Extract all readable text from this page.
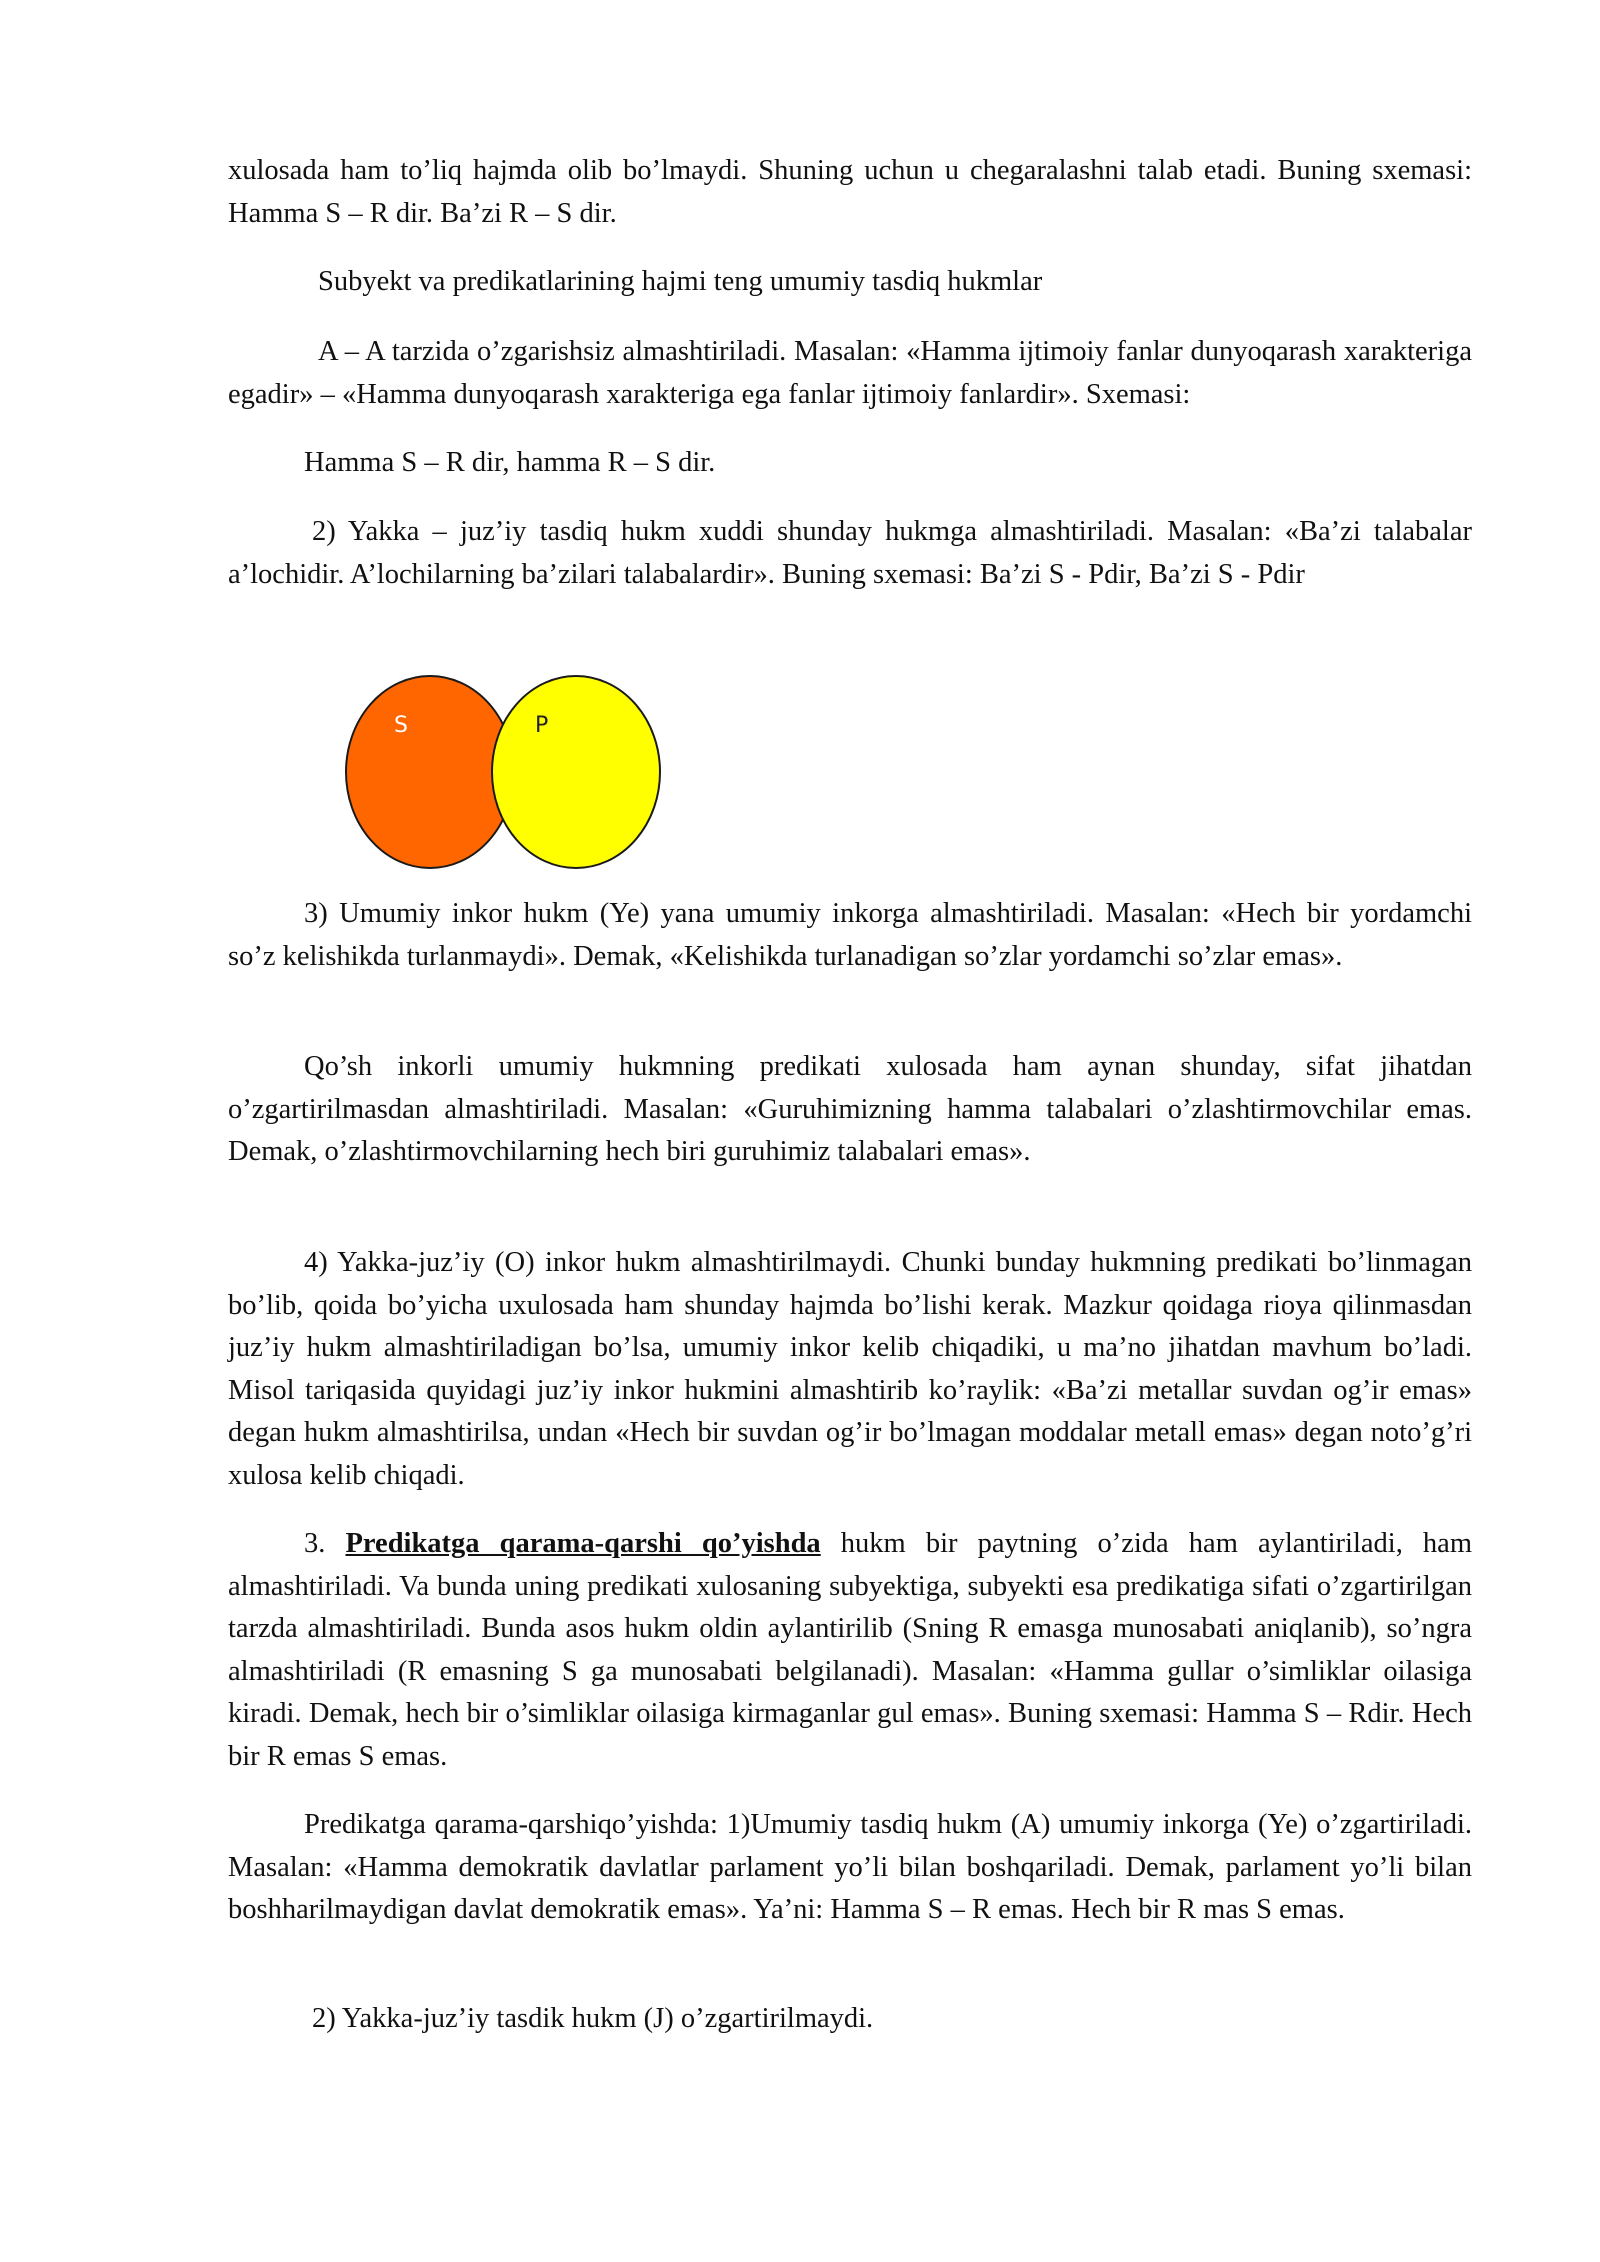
xulosada ham to’liq hajmda olib bo’lmaydi. Shuning uchun u chegaralashni talab etadi. Buning sxemasi: Hamma S – R dir. Ba’zi R – S dir.

Subyekt va predikatlarining hajmi teng umumiy tasdiq hukmlar

A – A tarzida o’zgarishsiz almashtiriladi. Masalan: «Hamma ijtimoiy fanlar dunyoqarash xarakteriga egadir» – «Hamma dunyoqarash xarakteriga ega fanlar ijtimoiy fanlardir». Sxemasi:

Hamma S – R dir, hamma R – S dir.

2) Yakka – juz’iy tasdiq hukm xuddi shunday hukmga almashtiriladi. Masalan: «Ba’zi talabalar a’lochidir. A’lochilarning ba’zilari talabalardir». Buning sxemasi: Ba’zi S - Pdir, Ba’zi S - Pdir

S	P

3) Umumiy inkor hukm (Ye) yana umumiy inkorga almashtiriladi. Masalan: «Hech bir yordamchi so’z kelishikda turlanmaydi». Demak, «Kelishikda turlanadigan so’zlar yordamchi so’zlar emas».

Qo’sh inkorli umumiy hukmning predikati xulosada ham aynan shunday, sifat jihatdan o’zgartirilmasdan almashtiriladi. Masalan: «Guruhimizning hamma talabalari o’zlashtirmovchilar emas. Demak, o’zlashtirmovchilarning hech biri guruhimiz talabalari emas».

4) Yakka-juz’iy (O) inkor hukm almashtirilmaydi. Chunki bunday hukmning predikati bo’linmagan bo’lib, qoida bo’yicha uxulosada ham shunday hajmda bo’lishi kerak. Mazkur qoidaga rioya qilinmasdan juz’iy hukm almashtiriladigan bo’lsa, umumiy inkor kelib chiqadiki, u ma’no jihatdan mavhum bo’ladi. Misol tariqasida quyidagi juz’iy inkor hukmini almashtirib ko’raylik: «Ba’zi metallar suvdan og’ir emas» degan hukm almashtirilsa, undan «Hech bir suvdan og’ir bo’lmagan moddalar metall emas» degan noto’g’ri xulosa kelib chiqadi.

3. Predikatga qarama-qarshi qo’yishda hukm bir paytning o’zida ham aylantiriladi, ham almashtiriladi. Va bunda uning predikati xulosaning subyektiga, subyekti esa predikatiga sifati o’zgartirilgan tarzda almashtiriladi. Bunda asos hukm oldin aylantirilib (Sning R emasga munosabati aniqlanib), so’ngra almashtiriladi (R emasning S ga munosabati belgilanadi). Masalan: «Hamma gullar o’simliklar oilasiga kiradi. Demak, hech bir o’simliklar oilasiga kirmaganlar gul emas». Buning sxemasi: Hamma S – Rdir. Hech bir R emas S emas.

Predikatga qarama-qarshiqo’yishda: 1)Umumiy tasdiq hukm (A) umumiy inkorga (Ye) o’zgartiriladi. Masalan: «Hamma demokratik davlatlar parlament yo’li bilan boshqariladi. Demak, parlament yo’li bilan boshharilmaydigan davlat demokratik emas». Ya’ni: Hamma S – R emas. Hech bir R mas S emas.

2) Yakka-juz’iy tasdik hukm (J) o’zgartirilmaydi.
